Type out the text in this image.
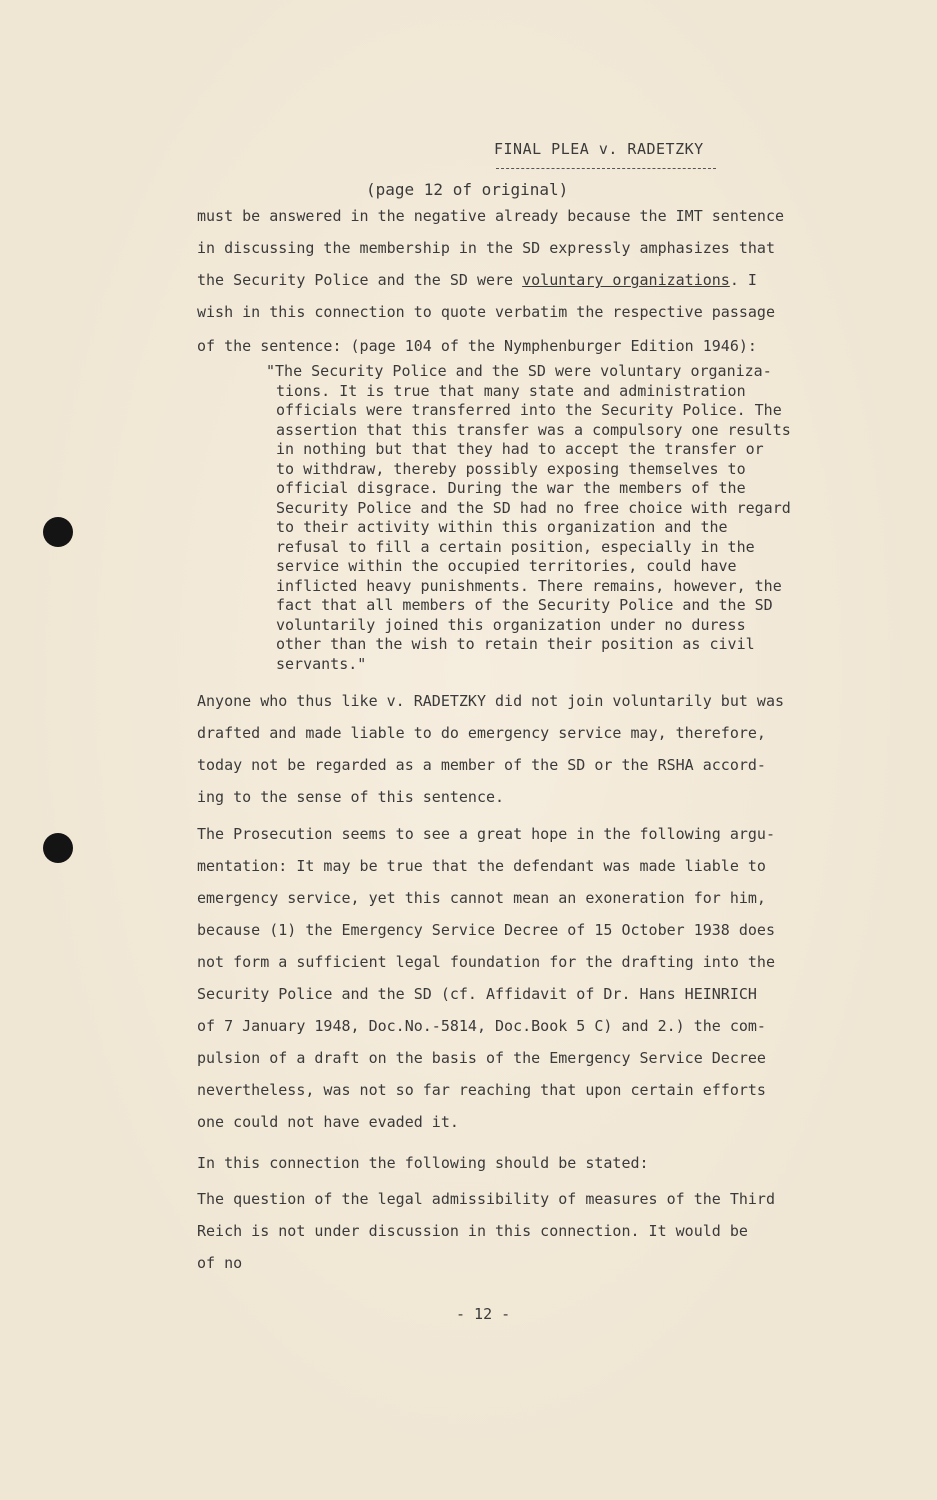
FINAL PLEA v. RADETZKY
(page 12 of original)
must be answered in the negative already because the IMT sentence
in discussing the membership in the SD expressly amphasizes that
the Security Police and the SD were voluntary organizations. I
wish in this connection to quote verbatim the respective passage
of the sentence: (page 104 of the Nymphenburger Edition 1946):
"The Security Police and the SD were voluntary organiza-
tions. It is true that many state and administration
officials were transferred into the Security Police. The
assertion that this transfer was a compulsory one results
in nothing but that they had to accept the transfer or
to withdraw, thereby possibly exposing themselves to
official disgrace. During the war the members of the
Security Police and the SD had no free choice with regard
to their activity within this organization and the
refusal to fill a certain position, especially in the
service within the occupied territories, could have
inflicted heavy punishments. There remains, however, the
fact that all members of the Security Police and the SD
voluntarily joined this organization under no duress
other than the wish to retain their position as civil
servants."
Anyone who thus like v. RADETZKY did not join voluntarily but was
drafted and made liable to do emergency service may, therefore,
today not be regarded as a member of the SD or the RSHA accord-
ing to the sense of this sentence.
The Prosecution seems to see a great hope in the following argu-
mentation: It may be true that the defendant was made liable to
emergency service, yet this cannot mean an exoneration for him,
because (1) the Emergency Service Decree of 15 October 1938 does
not form a sufficient legal foundation for the drafting into the
Security Police and the SD (cf. Affidavit of Dr. Hans HEINRICH
of 7 January 1948, Doc.No.-5814, Doc.Book 5 C) and 2.) the com-
pulsion of a draft on the basis of the Emergency Service Decree
nevertheless, was not so far reaching that upon certain efforts
one could not have evaded it.
In this connection the following should be stated:
The question of the legal admissibility of measures of the Third
Reich is not under discussion in this connection. It would be
of no
- 12 -
